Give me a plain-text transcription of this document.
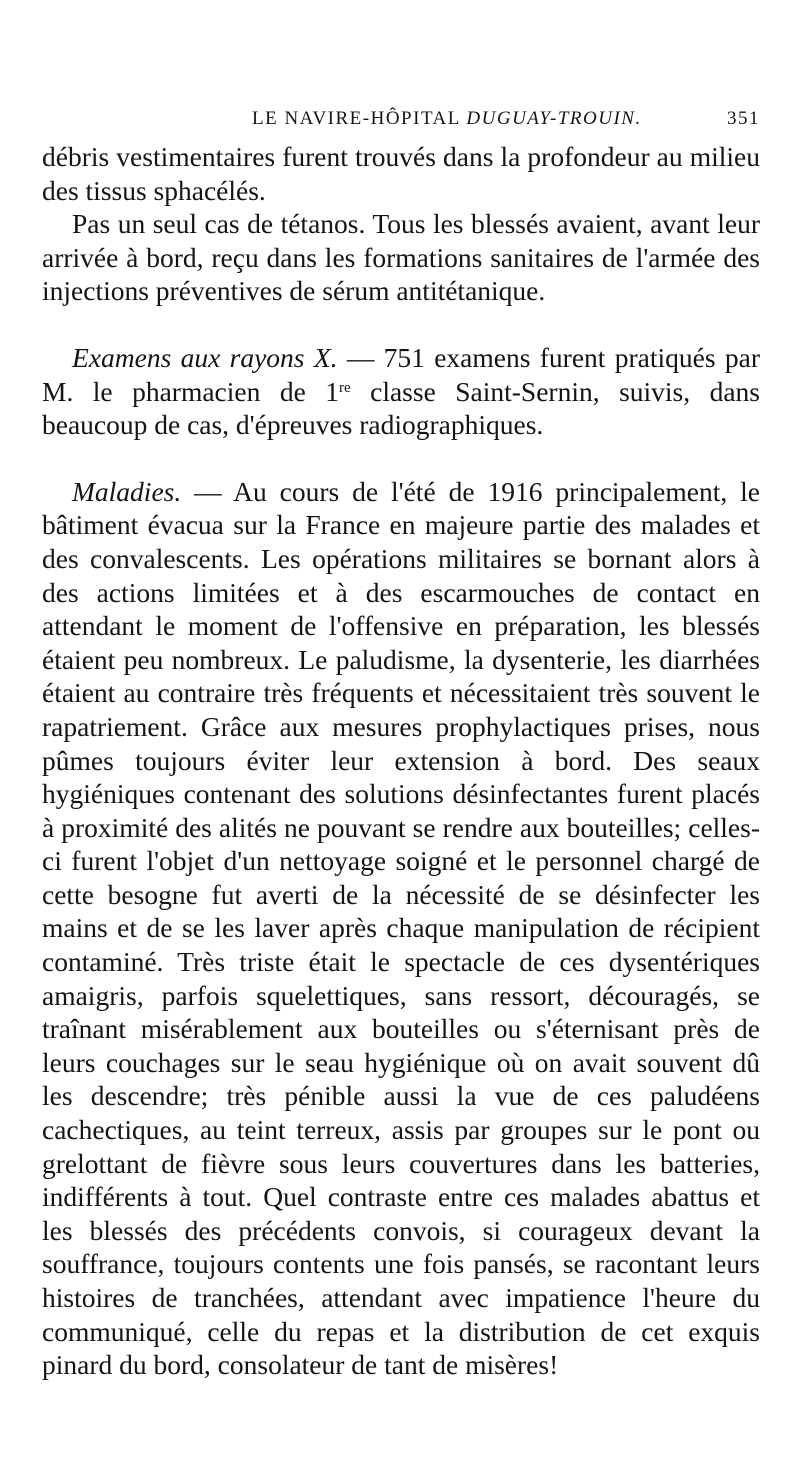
LE NAVIRE-HÔPITAL DUGUAY-TROUIN.	351

débris vestimentaires furent trouvés dans la profondeur au milieu des tissus sphacélés.

Pas un seul cas de tétanos. Tous les blessés avaient, avant leur arrivée à bord, reçu dans les formations sanitaires de l'armée des injections préventives de sérum antitétanique.

Examens aux rayons X. — 751 examens furent pratiqués par M. le pharmacien de 1re classe Saint-Sernin, suivis, dans beaucoup de cas, d'épreuves radiographiques.

Maladies. — Au cours de l'été de 1916 principalement, le bâtiment évacua sur la France en majeure partie des malades et des convalescents. Les opérations militaires se bornant alors à des actions limitées et à des escarmouches de contact en attendant le moment de l'offensive en préparation, les blessés étaient peu nombreux. Le paludisme, la dysenterie, les diarrhées étaient au contraire très fréquents et nécessitaient très souvent le rapatriement. Grâce aux mesures prophylactiques prises, nous pûmes toujours éviter leur extension à bord. Des seaux hygiéniques contenant des solutions désinfectantes furent placés à proximité des alités ne pouvant se rendre aux bouteilles; celles-ci furent l'objet d'un nettoyage soigné et le personnel chargé de cette besogne fut averti de la nécessité de se désinfecter les mains et de se les laver après chaque manipulation de récipient contaminé. Très triste était le spectacle de ces dysentériques amaigris, parfois squelettiques, sans ressort, découragés, se traînant misérablement aux bouteilles ou s'éternisant près de leurs couchages sur le seau hygiénique où on avait souvent dû les descendre; très pénible aussi la vue de ces paludéens cachectiques, au teint terreux, assis par groupes sur le pont ou grelottant de fièvre sous leurs couvertures dans les batteries, indifférents à tout. Quel contraste entre ces malades abattus et les blessés des précédents convois, si courageux devant la souffrance, toujours contents une fois pansés, se racontant leurs histoires de tranchées, attendant avec impatience l'heure du communiqué, celle du repas et la distribution de cet exquis pinard du bord, consolateur de tant de misères!
